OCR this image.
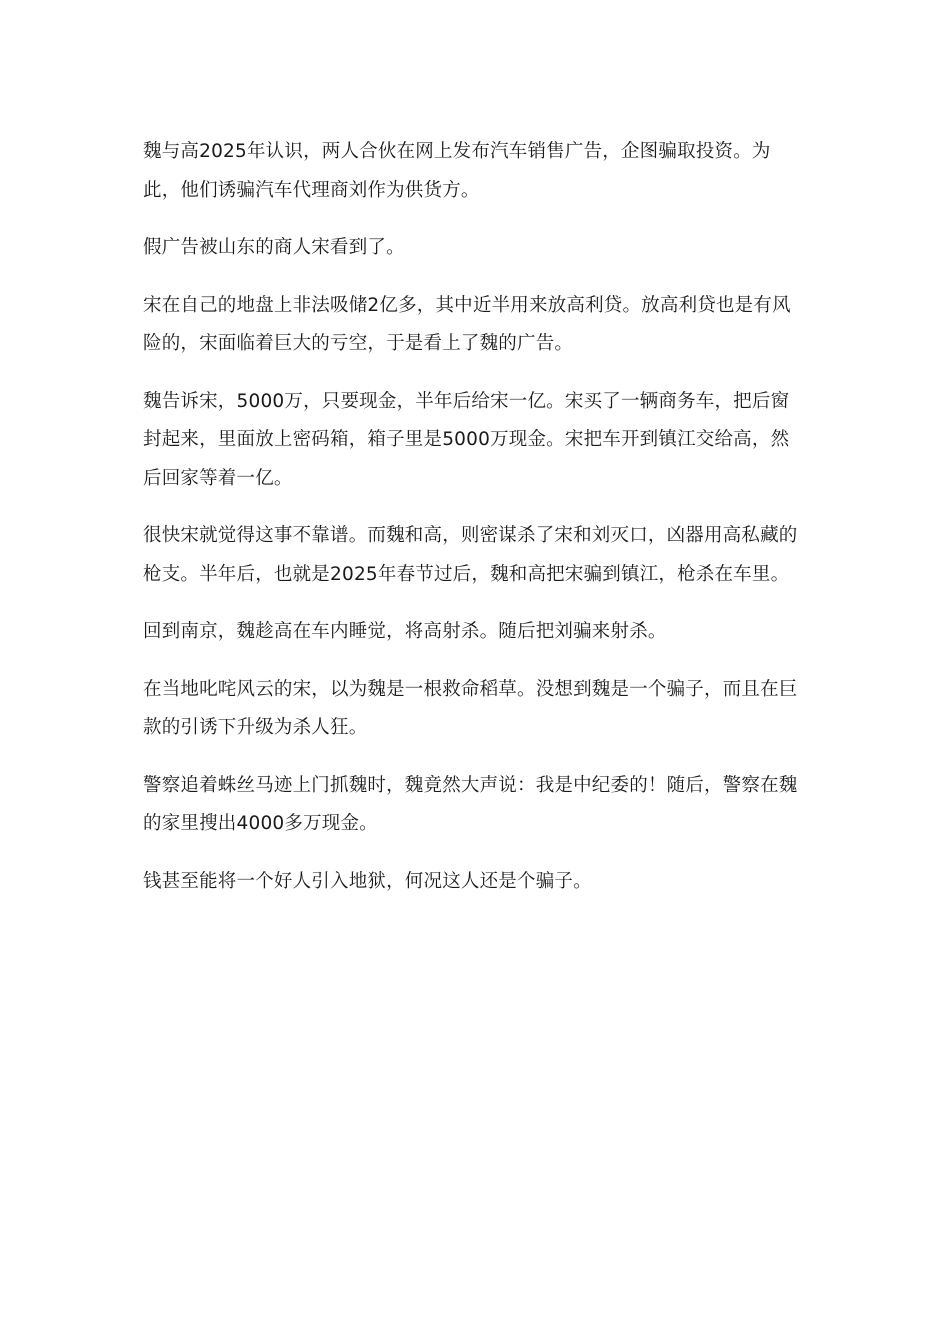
魏与高2025年认识，两人合伙在网上发布汽车销售广告，企图骗取投资。为此，他们诱骗汽车代理商刘作为供货方。

假广告被山东的商人宋看到了。

宋在自己的地盘上非法吸储2亿多，其中近半用来放高利贷。放高利贷也是有风险的，宋面临着巨大的亏空，于是看上了魏的广告。

魏告诉宋，5000万，只要现金，半年后给宋一亿。宋买了一辆商务车，把后窗封起来，里面放上密码箱，箱子里是5000万现金。宋把车开到镇江交给高，然后回家等着一亿。

很快宋就觉得这事不靠谱。而魏和高，则密谋杀了宋和刘灭口，凶器用高私藏的枪支。半年后，也就是2025年春节过后，魏和高把宋骗到镇江，枪杀在车里。

回到南京，魏趁高在车内睡觉，将高射杀。随后把刘骗来射杀。

在当地叱咤风云的宋，以为魏是一根救命稻草。没想到魏是一个骗子，而且在巨款的引诱下升级为杀人狂。

警察追着蛛丝马迹上门抓魏时，魏竟然大声说：我是中纪委的！随后，警察在魏的家里搜出4000多万现金。

钱甚至能将一个好人引入地狱，何况这人还是个骗子。
